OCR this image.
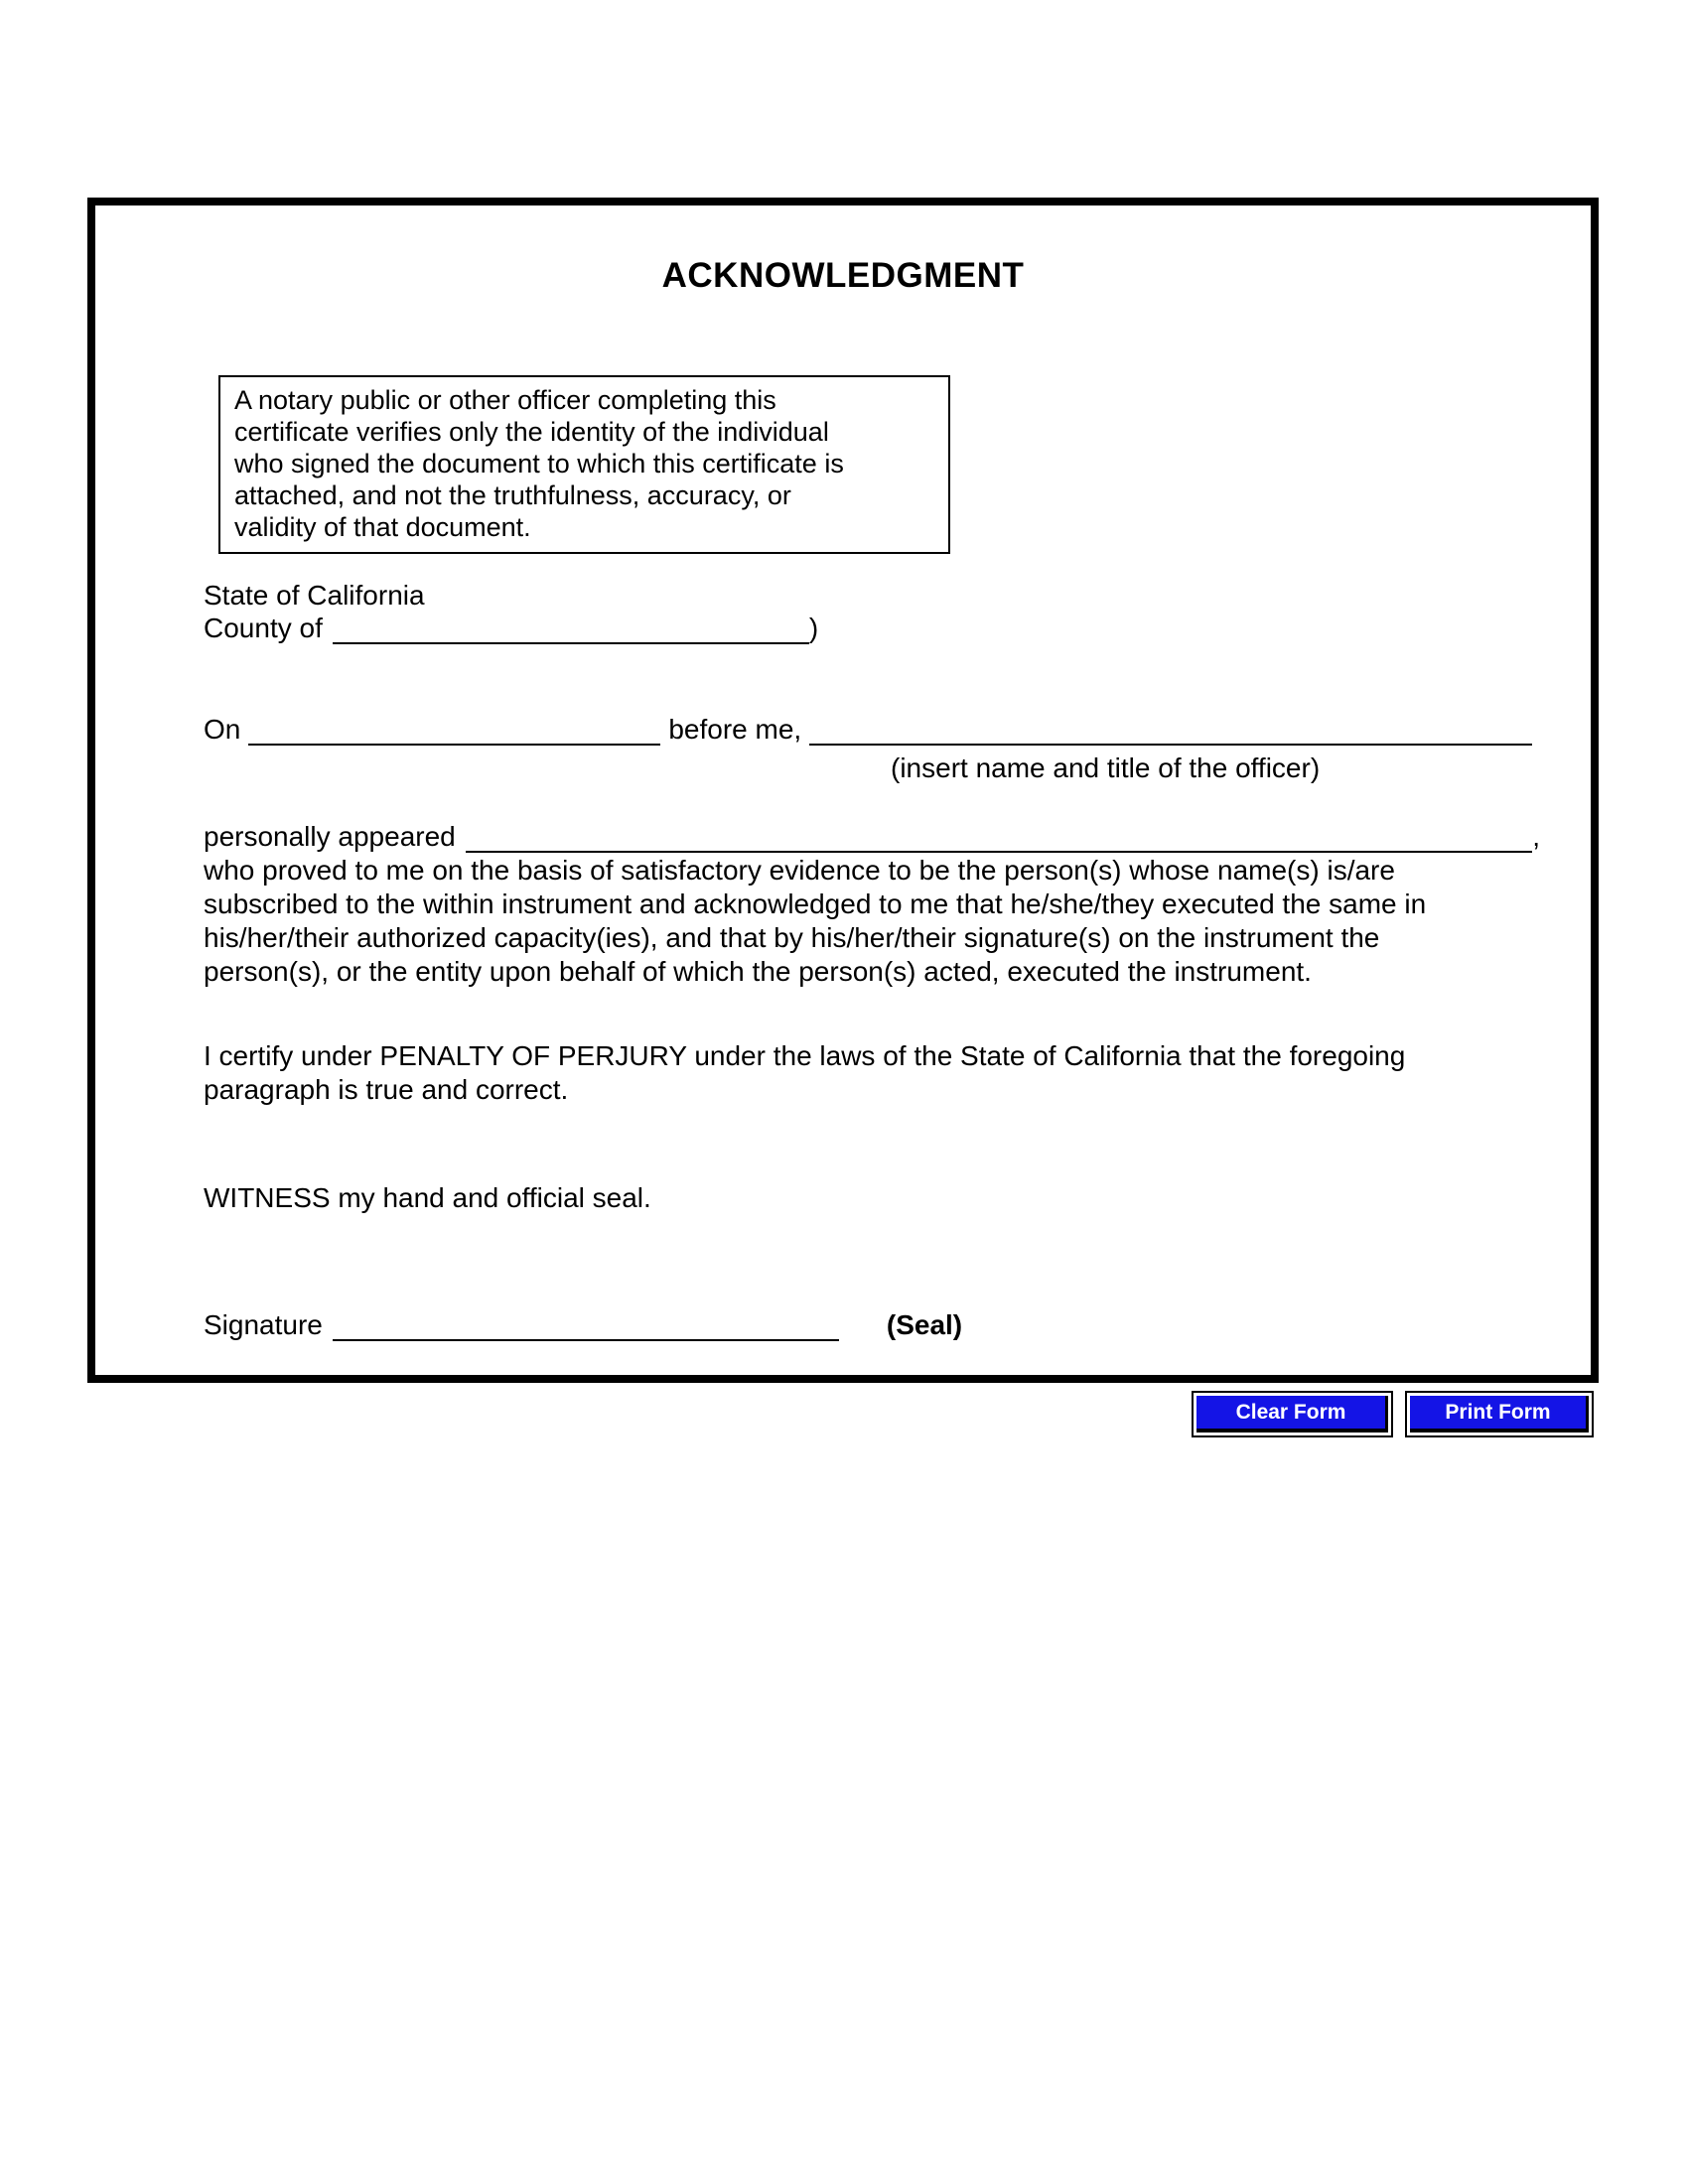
ACKNOWLEDGMENT
A notary public or other officer completing this
certificate verifies only the identity of the individual
who signed the document to which this certificate is
attached, and not the truthfulness, accuracy, or
validity of that document.
State of California
County of	)
On	before me,
(insert name and title of the officer)
personally appeared	,
who proved to me on the basis of satisfactory evidence to be the person(s) whose name(s) is/are
subscribed to the within instrument and acknowledged to me that he/she/they executed the same in
his/her/their authorized capacity(ies), and that by his/her/their signature(s) on the instrument the
person(s), or the entity upon behalf of which the person(s) acted, executed the instrument.
I certify under PENALTY OF PERJURY under the laws of the State of California that the foregoing
paragraph is true and correct.
WITNESS my hand and official seal.
Signature	(Seal)
Clear Form	Print Form
